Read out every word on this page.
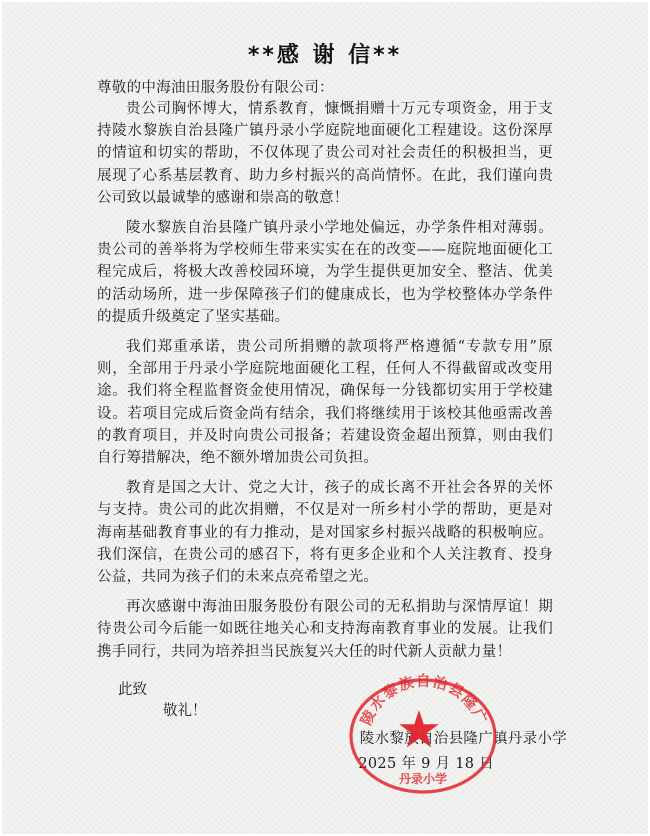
**感 谢 信**
尊敬的中海油田服务股份有限公司：

贵公司胸怀博大，情系教育，慷慨捐赠十万元专项资金，用于支持陵水黎族自治县隆广镇丹录小学庭院地面硬化工程建设。这份深厚的情谊和切实的帮助，不仅体现了贵公司对社会责任的积极担当，更展现了心系基层教育、助力乡村振兴的高尚情怀。在此，我们谨向贵公司致以最诚挚的感谢和崇高的敬意！

陵水黎族自治县隆广镇丹录小学地处偏远，办学条件相对薄弱。贵公司的善举将为学校师生带来实实在在的改变——庭院地面硬化工程完成后，将极大改善校园环境，为学生提供更加安全、整洁、优美的活动场所，进一步保障孩子们的健康成长，也为学校整体办学条件的提质升级奠定了坚实基础。

我们郑重承诺，贵公司所捐赠的款项将严格遵循“专款专用”原则，全部用于丹录小学庭院地面硬化工程，任何人不得截留或改变用途。我们将全程监督资金使用情况，确保每一分钱都切实用于学校建设。若项目完成后资金尚有结余，我们将继续用于该校其他亟需改善的教育项目，并及时向贵公司报备；若建设资金超出预算，则由我们自行筹措解决，绝不额外增加贵公司负担。

教育是国之大计、党之大计，孩子的成长离不开社会各界的关怀与支持。贵公司的此次捐赠，不仅是对一所乡村小学的帮助，更是对海南基础教育事业的有力推动，是对国家乡村振兴战略的积极响应。我们深信，在贵公司的感召下，将有更多企业和个人关注教育、投身公益，共同为孩子们的未来点亮希望之光。

再次感谢中海油田服务股份有限公司的无私捐助与深情厚谊！期待贵公司今后能一如既往地关心和支持海南教育事业的发展。让我们携手同行，共同为培养担当民族复兴大任的时代新人贡献力量！

此致
敬礼！
陵水黎族自治县隆广镇丹录小学
2025 年 9 月 18 日
陵水黎族自治县隆广
丹录小学
